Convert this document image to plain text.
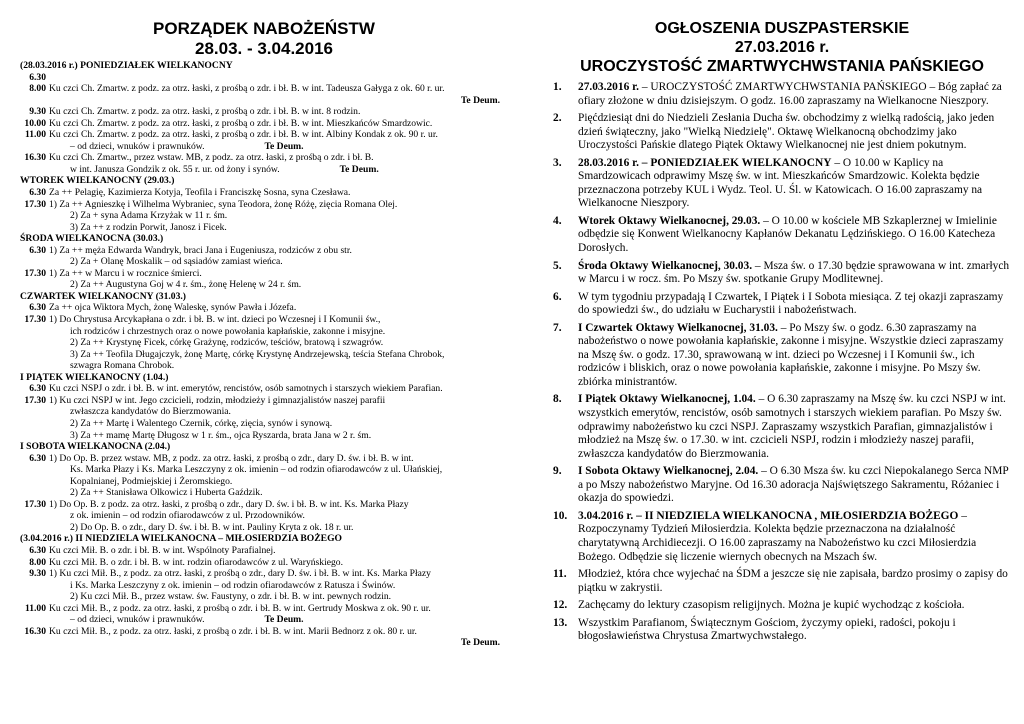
PORZĄDEK NABOŻEŃSTW
28.03. - 3.04.2016
(28.03.2016 r.) PONIEDZIAŁEK WIELKANOCNY
6.30
8.00 Ku czci Ch. Zmartw. z podz. za otrz. łaski, z prośbą o zdr. i bł. B. w int. Tadeusza Gałyga z ok. 60 r. ur.
Te Deum.
9.30 Ku czci Ch. Zmartw. z podz. za otrz. łaski, z prośbą o zdr. i bł. B. w int. 8 rodzin.
10.00 Ku czci Ch. Zmartw. z podz. za otrz. łaski, z prośbą o zdr. i bł. B. w int. Mieszkańców Smardzowic.
11.00 Ku czci Ch. Zmartw. z podz. za otrz. łaski, z prośbą o zdr. i bł. B. w int. Albiny Kondak z ok. 90 r. ur.
– od dzieci, wnuków i prawnuków.	Te Deum.
16.30 Ku czci Ch. Zmartw., przez wstaw. MB, z podz. za otrz. łaski, z prośbą o zdr. i bł. B.
w int. Janusza Gondzik z ok. 55 r. ur. od żony i synów.	Te Deum.
WTOREK WIELKANOCNY (29.03.)
6.30 Za ++ Pelagię, Kazimierza Kotyja, Teofila i Franciszkę Sosna, syna Czesława.
17.30 1) Za ++ Agnieszkę i Wilhelma Wybraniec, syna Teodora, żonę Różę, zięcia Romana Olej.
2) Za + syna Adama Krzyżak w 11 r. śm.
3) Za ++ z rodzin Porwit, Janosz i Ficek.
ŚRODA WIELKANOCNA (30.03.)
6.30 1) Za ++ męża Edwarda Wandryk, braci Jana i Eugeniusza, rodziców z obu str.
2) Za + Olanę Moskalik – od sąsiadów zamiast wieńca.
17.30 1) Za ++ w Marcu i w rocznice śmierci.
2) Za ++ Augustyna Goj w 4 r. śm., żonę Helenę w 24 r. śm.
CZWARTEK WIELKANOCNY (31.03.)
6.30 Za ++ ojca Wiktora Mych, żonę Waleskę, synów Pawła i Józefa.
17.30 1) Do Chrystusa Arcykapłana o zdr. i bł. B. w int. dzieci po Wczesnej i I Komunii św.,
ich rodziców i chrzestnych oraz o nowe powołania kapłańskie, zakonne i misyjne.
2) Za ++ Krystynę Ficek, córkę Grażynę, rodziców, teściów, bratową i szwagrów.
3) Za ++ Teofila Długajczyk, żonę Martę, córkę Krystynę Andrzejewską, teścia Stefana Chrobok,
szwagra Romana Chrobok.
I PIĄTEK WIELKANOCNY (1.04.)
6.30 Ku czci NSPJ o zdr. i bł. B. w int. emerytów, rencistów, osób samotnych i starszych wiekiem Parafian.
17.30 1) Ku czci NSPJ w int. Jego czcicieli, rodzin, młodzieży i gimnazjalistów naszej parafii
zwłaszcza kandydatów do Bierzmowania.
2) Za ++ Martę i Walentego Czernik, córkę, zięcia, synów i synową.
3) Za ++ mamę Martę Długosz w 1 r. śm., ojca Ryszarda, brata Jana w 2 r. śm.
I SOBOTA WIELKANOCNA (2.04.)
6.30 1) Do Op. B. przez wstaw. MB, z podz. za otrz. łaski, z prośbą o zdr., dary D. św. i bł. B. w int.
Ks. Marka Płazy i Ks. Marka Leszczyny z ok. imienin – od rodzin ofiarodawców z ul. Ułańskiej,
Kopalnianej, Podmiejskiej i Żeromskiego.
2) Za ++ Stanisława Olkowicz i Huberta Gaździk.
17.30 1) Do Op. B. z podz. za otrz. łaski, z prośbą o zdr., dary D. św. i bł. B. w int. Ks. Marka Płazy
z ok. imienin – od rodzin ofiarodawców z ul. Przodowników.
2) Do Op. B. o zdr., dary D. św. i bł. B. w int. Pauliny Kryta z ok. 18 r. ur.
(3.04.2016 r.) II NIEDZIELA WIELKANOCNA – MIŁOSIERDZIA BOŻEGO
6.30 Ku czci Mił. B. o zdr. i bł. B. w int. Wspólnoty Parafialnej.
8.00 Ku czci Mił. B. o zdr. i bł. B. w int. rodzin ofiarodawców z ul. Waryńskiego.
9.30 1) Ku czci Mił. B., z podz. za otrz. łaski, z prośbą o zdr., dary D. św. i bł. B. w int. Ks. Marka Płazy
i Ks. Marka Leszczyny z ok. imienin – od rodzin ofiarodawców z Ratusza i Świnów.
2) Ku czci Mił. B., przez wstaw. św. Faustyny, o zdr. i bł. B. w int. pewnych rodzin.
11.00 Ku czci Mił. B., z podz. za otrz. łaski, z prośbą o zdr. i bł. B. w int. Gertrudy Moskwa z ok. 90 r. ur.
– od dzieci, wnuków i prawnuków.	Te Deum.
16.30 Ku czci Mił. B., z podz. za otrz. łaski, z prośbą o zdr. i bł. B. w int. Marii Bednorz z ok. 80 r. ur.
Te Deum.
OGŁOSZENIA DUSZPASTERSKIE
27.03.2016 r.
UROCZYSTOŚĆ ZMARTWYCHWSTANIA PAŃSKIEGO
1.	27.03.2016 r. – UROCZYSTOŚĆ ZMARTWYCHWSTANIA PAŃSKIEGO – Bóg zapłać za ofiary złożone w dniu dzisiejszym. O godz. 16.00 zapraszamy na Wielkanocne Nieszpory.
2.	Pięćdziesiąt dni do Niedzieli Zesłania Ducha św. obchodzimy z wielką radością, jako jeden dzień świąteczny, jako "Wielką Niedzielę". Oktawę Wielkanocną obchodzimy jako Uroczystości Pańskie dlatego Piątek Oktawy Wielkanocnej nie jest dniem pokutnym.
3.	28.03.2016 r. – PONIEDZIAŁEK WIELKANOCNY – O 10.00 w Kaplicy na Smardzowicach odprawimy Mszę św. w int. Mieszkańców Smardzowic. Kolekta będzie przeznaczona potrzeby KUL i Wydz. Teol. U. Śl. w Katowicach. O 16.00 zapraszamy na Wielkanocne Nieszpory.
4.	Wtorek Oktawy Wielkanocnej, 29.03. – O 10.00 w kościele MB Szkaplerznej w Imielinie odbędzie się Konwent Wielkanocny Kapłanów Dekanatu Lędzińskiego. O 16.00 Katecheza Dorosłych.
5.	Środa Oktawy Wielkanocnej, 30.03. – Msza św. o 17.30 będzie sprawowana w int. zmarłych w Marcu i w rocz. śm. Po Mszy św. spotkanie Grupy Modlitewnej.
6.	W tym tygodniu przypadają I Czwartek, I Piątek i I Sobota miesiąca. Z tej okazji zapraszamy do spowiedzi św., do udziału w Eucharystii i nabożeństwach.
7.	I Czwartek Oktawy Wielkanocnej, 31.03. – Po Mszy św. o godz. 6.30 zapraszamy na nabożeństwo o nowe powołania kapłańskie, zakonne i misyjne. Wszystkie dzieci zapraszamy na Mszę św. o godz. 17.30, sprawowaną w int. dzieci po Wczesnej i I Komunii św., ich rodziców i bliskich, oraz o nowe powołania kapłańskie, zakonne i misyjne. Po Mszy św. zbiórka ministrantów.
8.	I Piątek Oktawy Wielkanocnej, 1.04. – O 6.30 zapraszamy na Mszę św. ku czci NSPJ w int. wszystkich emerytów, rencistów, osób samotnych i starszych wiekiem parafian. Po Mszy św. odprawimy nabożeństwo ku czci NSPJ. Zapraszamy wszystkich Parafian, gimnazjalistów i młodzież na Mszę św. o 17.30. w int. czcicieli NSPJ, rodzin i młodzieży naszej parafii, zwłaszcza kandydatów do Bierzmowania.
9.	I Sobota Oktawy Wielkanocnej, 2.04. – O 6.30 Msza św. ku czci Niepokalanego Serca NMP a po Mszy nabożeństwo Maryjne. Od 16.30 adoracja Najświętszego Sakramentu, Różaniec i okazja do spowiedzi.
10. 3.04.2016 r. – II NIEDZIELA WIELKANOCNA , MIŁOSIERDZIA BOŻEGO – Rozpoczynamy Tydzień Miłosierdzia. Kolekta będzie przeznaczona na działalność charytatywną Archidiecezji. O 16.00 zapraszamy na Nabożeństwo ku czci Miłosierdzia Bożego. Odbędzie się liczenie wiernych obecnych na Mszach św.
11. Młodzież, która chce wyjechać na ŚDM a jeszcze się nie zapisała, bardzo prosimy o zapisy do piątku w zakrystii.
12. Zachęcamy do lektury czasopism religijnych. Można je kupić wychodząc z kościoła.
13. Wszystkim Parafianom, Świątecznym Gościom, życzymy opieki, radości, pokoju i błogosławieństwa Chrystusa Zmartwychwstałego.
